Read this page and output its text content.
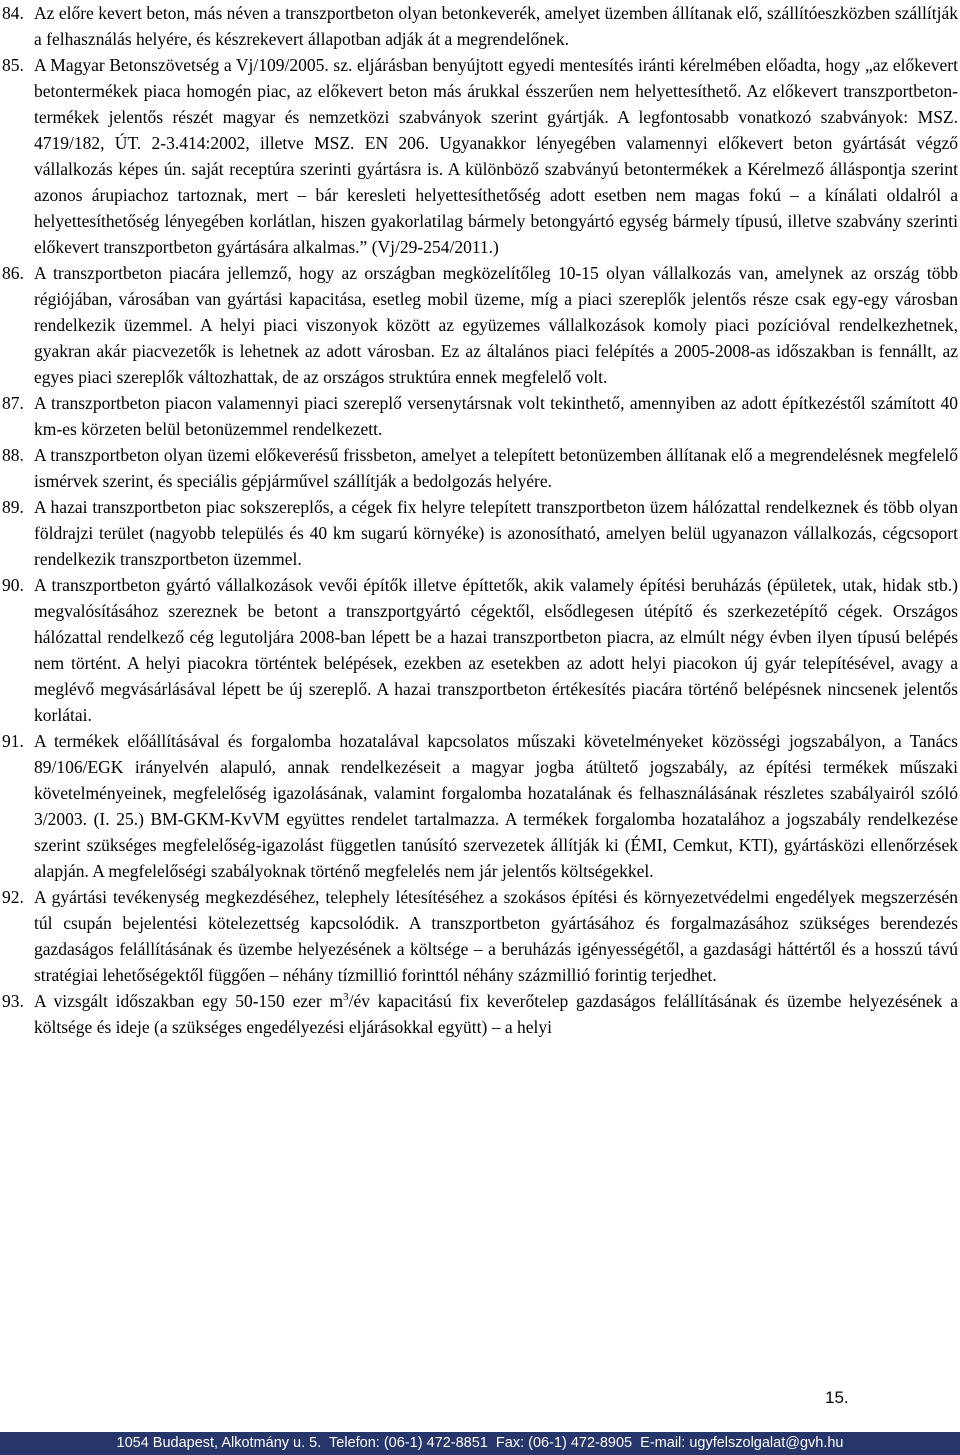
84. Az előre kevert beton, más néven a transzportbeton olyan betonkeverék, amelyet üzemben állítanak elő, szállítóeszközben szállítják a felhasználás helyére, és készrekevert állapotban adják át a megrendelőnek.

85. A Magyar Betonszövetség a Vj/109/2005. sz. eljárásban benyújtott egyedi mentesítés iránti kérelmében előadta, hogy „az előkevert betontermékek piaca homogén piac, az előkevert beton más árukkal ésszerűen nem helyettesíthető. Az előkevert transzportbeton-termékek jelentős részét magyar és nemzetközi szabványok szerint gyártják. A legfontosabb vonatkozó szabványok: MSZ. 4719/182, ÚT. 2-3.414:2002, illetve MSZ. EN 206. Ugyanakkor lényegében valamennyi előkevert beton gyártását végző vállalkozás képes ún. saját receptúra szerinti gyártásra is. A különböző szabványú betontermékek a Kérelmező álláspontja szerint azonos árupiachoz tartoznak, mert – bár keresleti helyettesíthetőség adott esetben nem magas fokú – a kínálati oldalról a helyettesíthetőség lényegében korlátlan, hiszen gyakorlatilag bármely betongyártó egység bármely típusú, illetve szabvány szerinti előkevert transzportbeton gyártására alkalmas.” (Vj/29-254/2011.)

86. A transzportbeton piacára jellemző, hogy az országban megközelítőleg 10-15 olyan vállalkozás van, amelynek az ország több régiójában, városában van gyártási kapacitása, esetleg mobil üzeme, míg a piaci szereplők jelentős része csak egy-egy városban rendelkezik üzemmel. A helyi piaci viszonyok között az együzemes vállalkozások komoly piaci pozícióval rendelkezhetnek, gyakran akár piacvezetők is lehetnek az adott városban. Ez az általános piaci felépítés a 2005-2008-as időszakban is fennállt, az egyes piaci szereplők változhattak, de az országos struktúra ennek megfelelő volt.

87. A transzportbeton piacon valamennyi piaci szereplő versenytársnak volt tekinthető, amennyiben az adott építkezéstől számított 40 km-es körzeten belül betonüzemmel rendelkezett.

88. A transzportbeton olyan üzemi előkeverésű frissbeton, amelyet a telepített betonüzemben állítanak elő a megrendelésnek megfelelő ismérvek szerint, és speciális gépjárművel szállítják a bedolgozás helyére.

89. A hazai transzportbeton piac sokszereplős, a cégek fix helyre telepített transzportbeton üzem hálózattal rendelkeznek és több olyan földrajzi terület (nagyobb település és 40 km sugarú környéke) is azonosítható, amelyen belül ugyanazon vállalkozás, cégcsoport rendelkezik transzportbeton üzemmel.

90. A transzportbeton gyártó vállalkozások vevői építők illetve építtetők, akik valamely építési beruházás (épületek, utak, hidak stb.) megvalósításához szereznek be betont a transzportgyártó cégektől, elsődlegesen útépítő és szerkezetépítő cégek. Országos hálózattal rendelkező cég legutoljára 2008-ban lépett be a hazai transzportbeton piacra, az elmúlt négy évben ilyen típusú belépés nem történt. A helyi piacokra történtek belépések, ezekben az esetekben az adott helyi piacokon új gyár telepítésével, avagy a meglévő megvásárlásával lépett be új szereplő. A hazai transzportbeton értékesítés piacára történő belépésnek nincsenek jelentős korlátai.

91. A termékek előállításával és forgalomba hozatalával kapcsolatos műszaki követelményeket közösségi jogszabályon, a Tanács 89/106/EGK irányelvén alapuló, annak rendelkezéseit a magyar jogba átültető jogszabály, az építési termékek műszaki követelményeinek, megfelelőség igazolásának, valamint forgalomba hozatalának és felhasználásának részletes szabályairól szóló 3/2003. (I. 25.) BM-GKM-KvVM együttes rendelet tartalmazza. A termékek forgalomba hozatalához a jogszabály rendelkezése szerint szükséges megfelelőség-igazolást független tanúsító szervezetek állítják ki (ÉMI, Cemkut, KTI), gyártásközi ellenőrzések alapján. A megfelelőségi szabályoknak történő megfelelés nem jár jelentős költségekkel.

92. A gyártási tevékenység megkezdéséhez, telephely létesítéséhez a szokásos építési és környezetvédelmi engedélyek megszerzésén túl csupán bejelentési kötelezettség kapcsolódik. A transzportbeton gyártásához és forgalmazásához szükséges berendezés gazdaságos felállításának és üzembe helyezésének a költsége – a beruházás igényességétől, a gazdasági háttértől és a hosszú távú stratégiai lehetőségektől függően – néhány tízmillió forinttól néhány százmillió forintig terjedhet.

93. A vizsgált időszakban egy 50-150 ezer $m^3/év$ kapacitású fix keverőtelep gazdaságos felállításának és üzembe helyezésének a költsége és ideje (a szükséges engedélyezési eljárásokkal együtt) – a helyi

15.
1054 Budapest, Alkotmány u. 5.  Telefon: (06-1) 472-8851  Fax: (06-1) 472-8905  E-mail: ugyfelszolgalat@gvh.hu
